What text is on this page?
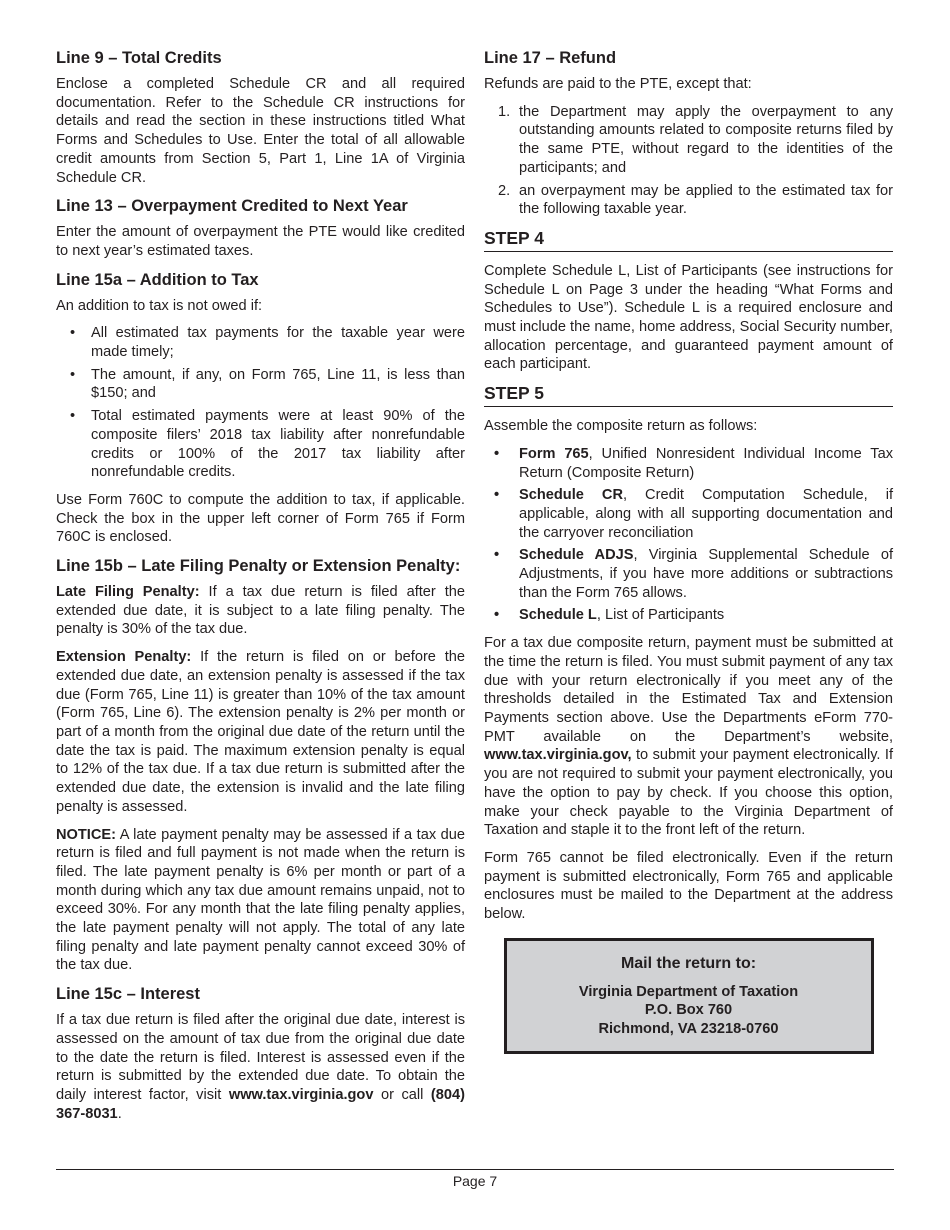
Line 9 – Total Credits

Enclose a completed Schedule CR and all required documentation. Refer to the Schedule CR instructions for details and read the section in these instructions titled What Forms and Schedules to Use. Enter the total of all allowable credit amounts from Section 5, Part 1, Line 1A of Virginia Schedule CR.

Line 13 – Overpayment Credited to Next Year

Enter the amount of overpayment the PTE would like credited to next year’s estimated taxes.

Line 15a – Addition to Tax

An addition to tax is not owed if:

• All estimated tax payments for the taxable year were made timely;
• The amount, if any, on Form 765, Line 11, is less than $150; and
• Total estimated payments were at least 90% of the composite filers’ 2018 tax liability after nonrefundable credits or 100% of the 2017 tax liability after nonrefundable credits.

Use Form 760C to compute the addition to tax, if applicable. Check the box in the upper left corner of Form 765 if Form 760C is enclosed.

Line 15b – Late Filing Penalty or Extension Penalty:

Late Filing Penalty: If a tax due return is filed after the extended due date, it is subject to a late filing penalty. The penalty is 30% of the tax due.

Extension Penalty: If the return is filed on or before the extended due date, an extension penalty is assessed if the tax due (Form 765, Line 11) is greater than 10% of the tax amount (Form 765, Line 6). The extension penalty is 2% per month or part of a month from the original due date of the return until the date the tax is paid. The maximum extension penalty is equal to 12% of the tax due. If a tax due return is submitted after the extended due date, the extension is invalid and the late filing penalty is assessed.

NOTICE: A late payment penalty may be assessed if a tax due return is filed and full payment is not made when the return is filed. The late payment penalty is 6% per month or part of a month during which any tax due amount remains unpaid, not to exceed 30%. For any month that the late filing penalty applies, the late payment penalty will not apply. The total of any late filing penalty and late payment penalty cannot exceed 30% of the tax due.

Line 15c – Interest

If a tax due return is filed after the original due date, interest is assessed on the amount of tax due from the original due date to the date the return is filed. Interest is assessed even if the return is submitted by the extended due date. To obtain the daily interest factor, visit www.tax.virginia.gov or call (804) 367-8031.

Line 17 – Refund

Refunds are paid to the PTE, except that:

1. the Department may apply the overpayment to any outstanding amounts related to composite returns filed by the same PTE, without regard to the identities of the participants; and
2. an overpayment may be applied to the estimated tax for the following taxable year.
STEP 4

Complete Schedule L, List of Participants (see instructions for Schedule L on Page 3 under the heading “What Forms and Schedules to Use”). Schedule L is a required enclosure and must include the name, home address, Social Security number, allocation percentage, and guaranteed payment amount of each participant.

STEP 5

Assemble the composite return as follows:

• Form 765, Unified Nonresident Individual Income Tax Return (Composite Return)
• Schedule CR, Credit Computation Schedule, if applicable, along with all supporting documentation and the carryover reconciliation
• Schedule ADJS, Virginia Supplemental Schedule of Adjustments, if you have more additions or subtractions than the Form 765 allows.
• Schedule L, List of Participants

For a tax due composite return, payment must be submitted at the time the return is filed. You must submit payment of any tax due with your return electronically if you meet any of the thresholds detailed in the Estimated Tax and Extension Payments section above. Use the Departments eForm 770-PMT available on the Department’s website, www.tax.virginia.gov, to submit your payment electronically. If you are not required to submit your payment electronically, you have the option to pay by check. If you choose this option, make your check payable to the Virginia Department of Taxation and staple it to the front left of the return.

Form 765 cannot be filed electronically. Even if the return payment is submitted electronically, Form 765 and applicable enclosures must be mailed to the Department at the address below.

Mail the return to:
Virginia Department of Taxation
P.O. Box 760
Richmond, VA 23218-0760
Page 7
